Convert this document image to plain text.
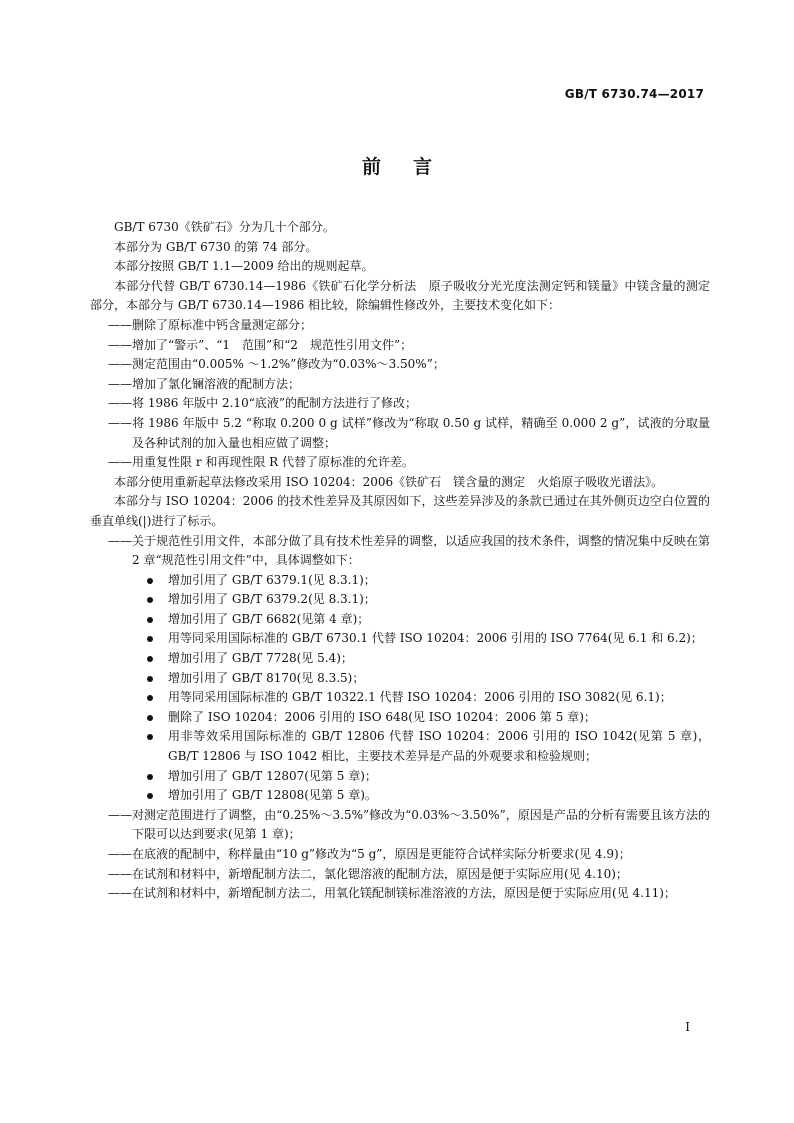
GB/T 6730.74—2017
前言

GB/T 6730《铁矿石》分为几十个部分。

本部分为 GB/T 6730 的第 74 部分。

本部分按照 GB/T 1.1—2009 给出的规则起草。

本部分代替 GB/T 6730.14—1986《铁矿石化学分析法　原子吸收分光光度法测定钙和镁量》中镁含量的测定部分，本部分与 GB/T 6730.14—1986 相比较，除编辑性修改外，主要技术变化如下：

——删除了原标准中钙含量测定部分；

——增加了“警示”、“1　范围”和“2　规范性引用文件”；

——测定范围由“0.005% ～1.2%”修改为“0.03%～3.50%”；

——增加了氯化镧溶液的配制方法；

——将 1986 年版中 2.10“底液”的配制方法进行了修改；

——将 1986 年版中 5.2 “称取 0.200 0 g 试样”修改为“称取 0.50 g 试样，精确至 0.000 2 g”，试液的分取量及各种试剂的加入量也相应做了调整；

——用重复性限 r 和再现性限 R 代替了原标准的允许差。

本部分使用重新起草法修改采用 ISO 10204：2006《铁矿石　镁含量的测定　火焰原子吸收光谱法》。

本部分与 ISO 10204：2006 的技术性差异及其原因如下，这些差异涉及的条款已通过在其外侧页边空白位置的垂直单线(|)进行了标示。

——关于规范性引用文件，本部分做了具有技术性差异的调整，以适应我国的技术条件，调整的情况集中反映在第 2 章“规范性引用文件”中，具体调整如下：

增加引用了 GB/T 6379.1(见 8.3.1)；
增加引用了 GB/T 6379.2(见 8.3.1)；
增加引用了 GB/T 6682(见第 4 章)；
用等同采用国际标准的 GB/T 6730.1 代替 ISO 10204：2006 引用的 ISO 7764(见 6.1 和 6.2)；
增加引用了 GB/T 7728(见 5.4)；
增加引用了 GB/T 8170(见 8.3.5)；
用等同采用国际标准的 GB/T 10322.1 代替 ISO 10204：2006 引用的 ISO 3082(见 6.1)；
删除了 ISO 10204：2006 引用的 ISO 648(见 ISO 10204：2006 第 5 章)；
用非等效采用国际标准的 GB/T 12806 代替 ISO 10204：2006 引用的 ISO 1042(见第 5 章)，GB/T 12806 与 ISO 1042 相比，主要技术差异是产品的外观要求和检验规则；
增加引用了 GB/T 12807(见第 5 章)；
增加引用了 GB/T 12808(见第 5 章)。

——对测定范围进行了调整，由“0.25%～3.5%”修改为“0.03%～3.50%”，原因是产品的分析有需要且该方法的下限可以达到要求(见第 1 章)；

——在底液的配制中，称样量由“10 g”修改为“5 g”，原因是更能符合试样实际分析要求(见 4.9)；

——在试剂和材料中，新增配制方法二，氯化锶溶液的配制方法，原因是便于实际应用(见 4.10)；

——在试剂和材料中，新增配制方法二，用氧化镁配制镁标准溶液的方法，原因是便于实际应用(见 4.11)；

I
